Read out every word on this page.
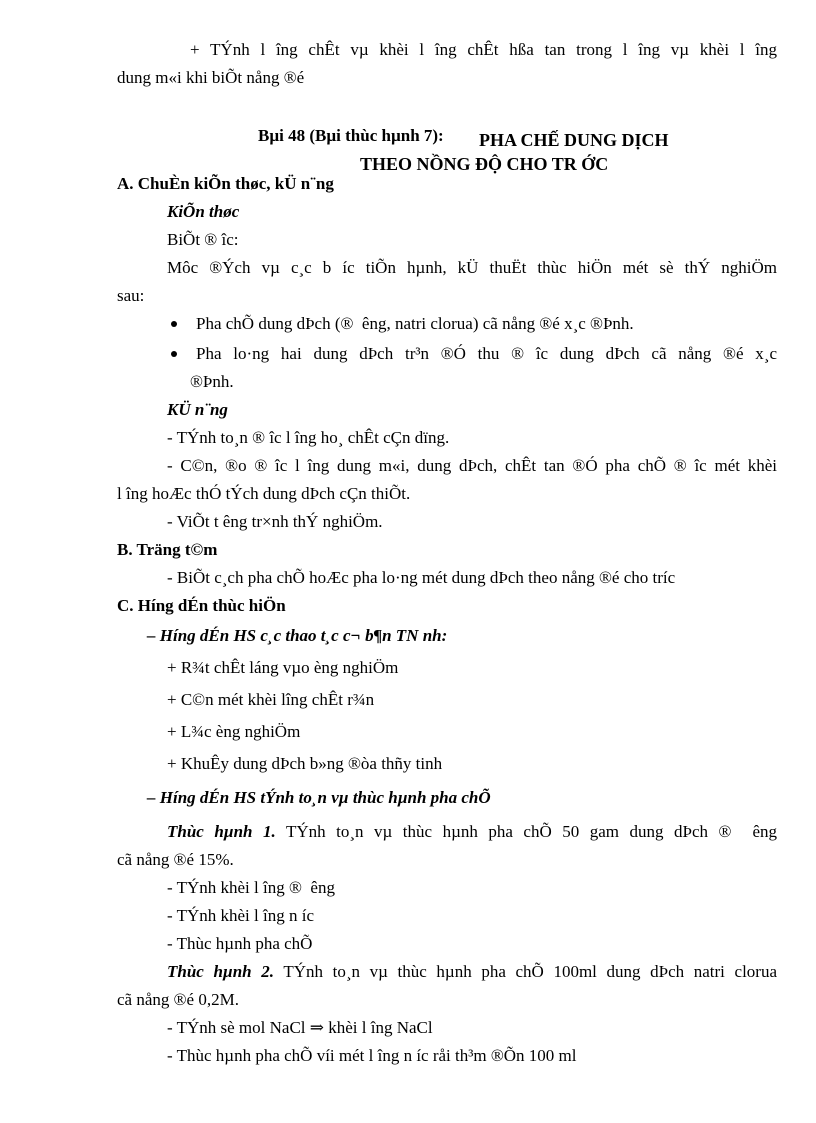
+ TÝnh l îng chÊt vµ khèi l îng chÊt hßa tan trong l îng vµ khèi l îng
dung m«i khi biÕt nång ®é
Bµi 48 (Bµi thùc hµnh 7): PHA CHẾ DUNG DỊCH
THEO NỒNG ĐỘ CHO TR ỚC
A. ChuÈn kiÕn thøc, kÜ n¨ng
KiÕn thøc
BiÕt ® îc:
Môc ®Ých vµ c¸c b íc tiÕn hµnh, kÜ thuËt thùc hiÖn mét sè thÝ nghiÖm
sau:
Pha chÕ dung dÞch (® êng, natri clorua) cã nång ®é x¸c ®Þnh.
Pha lo·ng hai dung dÞch tr³n ®Ó thu ® îc dung dÞch cã nång ®é x¸c
®Þnh.
KÜ n¨ng
- TÝnh to¸n ® îc l îng ho¸ chÊt cÇn dïng.
- C©n, ®o ® îc l îng dung m«i, dung dÞch, chÊt tan ®Ó pha chÕ ® îc mét khèi
l îng hoÆc thÓ tÝch dung dÞch cÇn thiÕt.
- ViÕt t êng tr×nh thÝ nghiÖm.
B. Träng t©m
- BiÕt c¸ch pha chÕ hoÆc pha lo·ng mét dung dÞch theo nång ®é cho tríc
C. Híng dÉn thùc hiÖn
– Híng dÉn HS c¸c thao t¸c c¬ b¶n TN nh:
+ R¾t chÊt láng vµo èng nghiÖm
+ C©n mét khèi lîng chÊt r¾n
+ L¾c èng nghiÖm
+ KhuÊy dung dÞch b»ng ®òa thñy tinh
– Híng dÉn HS tÝnh to¸n vµ thùc hµnh pha chÕ
Thùc hµnh 1. TÝnh to¸n vµ thùc hµnh pha chÕ 50 gam dung dÞch ® êng
cã nång ®é 15%.
- TÝnh khèi l îng ® êng
- TÝnh khèi l îng n íc
- Thùc hµnh pha chÕ
Thùc hµnh 2. TÝnh to¸n vµ thùc hµnh pha chÕ 100ml dung dÞch natri clorua
cã nång ®é 0,2M.
- TÝnh sè mol NaCl ⇒ khèi l îng NaCl
- Thùc hµnh pha chÕ víi mét l îng n íc råi th³m ®Õn 100 ml
